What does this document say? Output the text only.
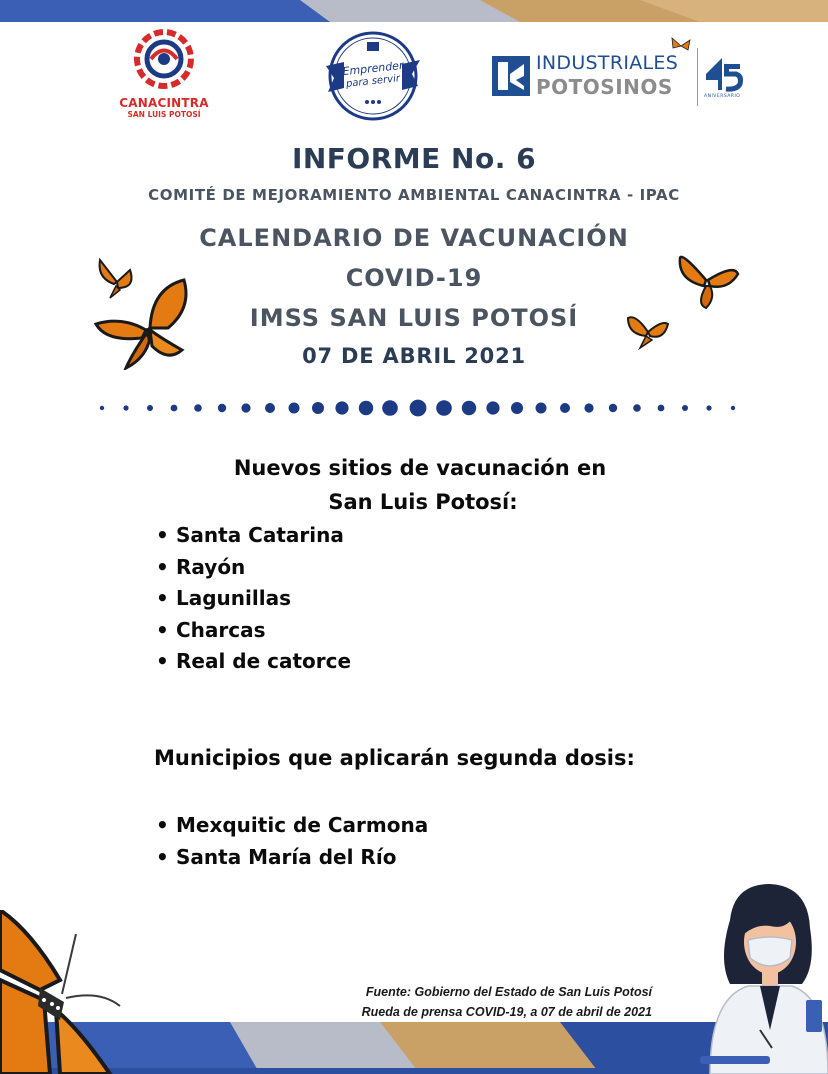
CANACINTRA
SAN LUIS POTOSÍ
Emprender
para servir
INDUSTRIALES
POTOSINOS	ANIVERSARIO
INFORME No. 6
COMITÉ DE MEJORAMIENTO AMBIENTAL CANACINTRA - IPAC
CALENDARIO DE VACUNACIÓN
COVID-19
IMSS SAN LUIS POTOSÍ
07 DE ABRIL 2021
Nuevos sitios de vacunación en
San Luis Potosí:
• Santa Catarina
• Rayón
• Lagunillas
• Charcas
• Real de catorce
Municipios que aplicarán segunda dosis:
• Mexquitic de Carmona
• Santa María del Río
Fuente: Gobierno del Estado de San Luis Potosí
Rueda de prensa COVID-19, a 07 de abril de 2021
